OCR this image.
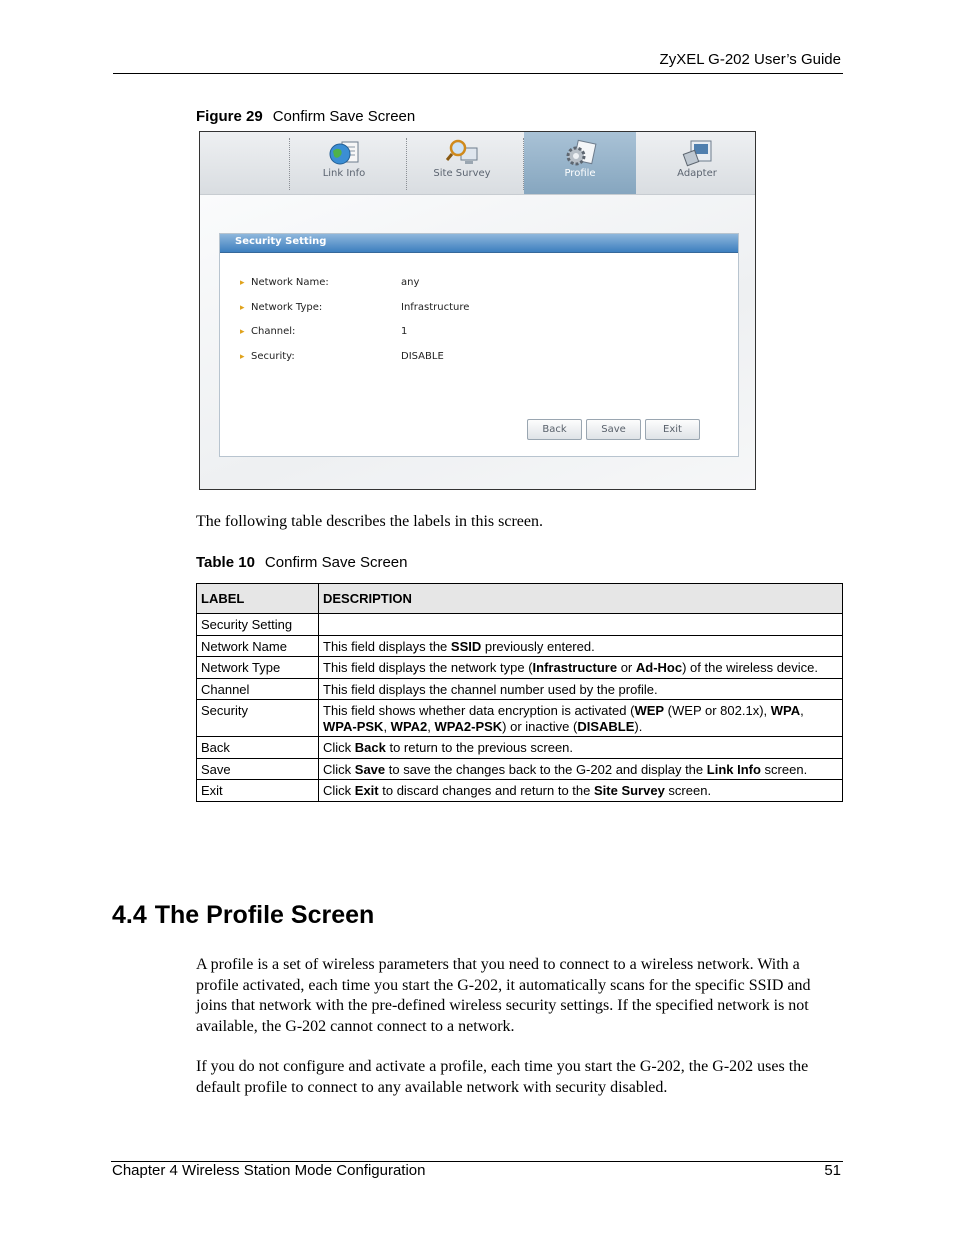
ZyXEL G-202 User’s Guide
Figure 29 Confirm Save Screen
Link Info	Site Survey	Profile	Adapter
Security Setting
▸ Network Name:	any
▸ Network Type:	Infrastructure
▸ Channel:	1
▸ Security:	DISABLE
Back	Save	Exit
The following table describes the labels in this screen.
Table 10 Confirm Save Screen
LABEL	DESCRIPTION
Security Setting	
Network Name	This field displays the SSID previously entered.
Network Type	This field displays the network type (Infrastructure or Ad-Hoc) of the wireless device.
Channel	This field displays the channel number used by the profile.
Security	This field shows whether data encryption is activated (WEP (WEP or 802.1x), WPA, WPA-PSK, WPA2, WPA2-PSK) or inactive (DISABLE).
Back	Click Back to return to the previous screen.
Save	Click Save to save the changes back to the G-202 and display the Link Info screen.
Exit	Click Exit to discard changes and return to the Site Survey screen.
4.4 The Profile Screen
A profile is a set of wireless parameters that you need to connect to a wireless network. With a profile activated, each time you start the G-202, it automatically scans for the specific SSID and joins that network with the pre-defined wireless security settings. If the specified network is not available, the G-202 cannot connect to a network.
If you do not configure and activate a profile, each time you start the G-202, the G-202 uses the default profile to connect to any available network with security disabled.
Chapter 4 Wireless Station Mode Configuration	51
